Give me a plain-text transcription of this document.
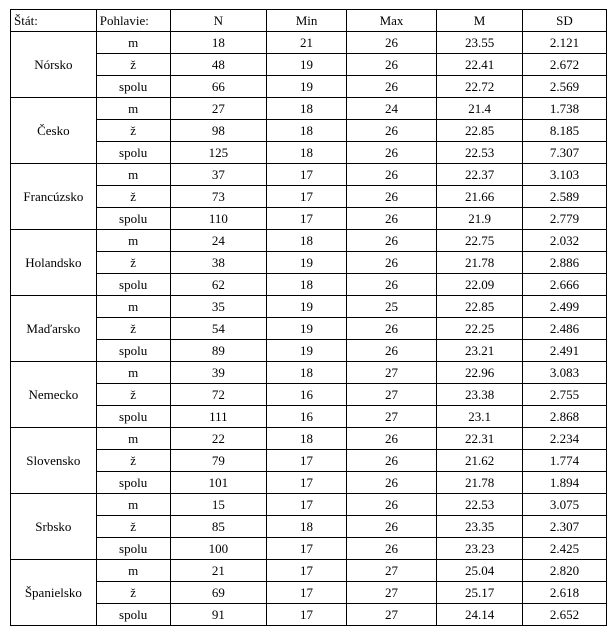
Štát:	Pohlavie:	N	Min	Max	M	SD
Nórsko	m	18	21	26	23.55	2.121
	ž	48	19	26	22.41	2.672
	spolu	66	19	26	22.72	2.569
Česko	m	27	18	24	21.4	1.738
	ž	98	18	26	22.85	8.185
	spolu	125	18	26	22.53	7.307
Francúzsko	m	37	17	26	22.37	3.103
	ž	73	17	26	21.66	2.589
	spolu	110	17	26	21.9	2.779
Holandsko	m	24	18	26	22.75	2.032
	ž	38	19	26	21.78	2.886
	spolu	62	18	26	22.09	2.666
Maďarsko	m	35	19	25	22.85	2.499
	ž	54	19	26	22.25	2.486
	spolu	89	19	26	23.21	2.491
Nemecko	m	39	18	27	22.96	3.083
	ž	72	16	27	23.38	2.755
	spolu	111	16	27	23.1	2.868
Slovensko	m	22	18	26	22.31	2.234
	ž	79	17	26	21.62	1.774
	spolu	101	17	26	21.78	1.894
Srbsko	m	15	17	26	22.53	3.075
	ž	85	18	26	23.35	2.307
	spolu	100	17	26	23.23	2.425
Španielsko	m	21	17	27	25.04	2.820
	ž	69	17	27	25.17	2.618
	spolu	91	17	27	24.14	2.652
